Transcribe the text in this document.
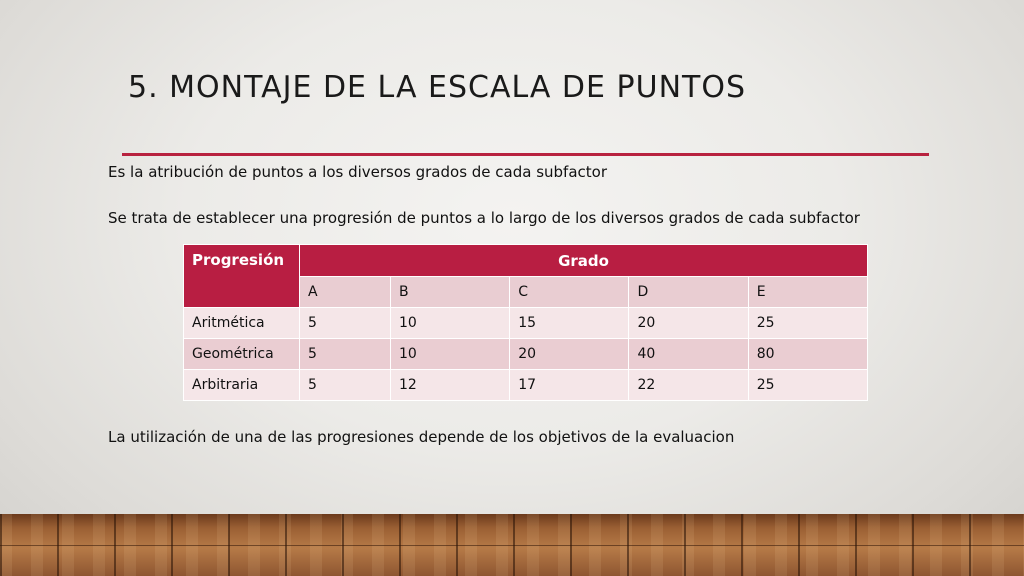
5. MONTAJE DE LA ESCALA DE PUNTOS

Es la atribución de puntos a los diversos grados de cada subfactor

Se trata de establecer una progresión de puntos a lo largo de los diversos grados de cada subfactor

Progresión	Grado				
	A	B	C	D	E
Aritmética	5	10	15	20	25
Geométrica	5	10	20	40	80
Arbitraria	5	12	17	22	25

La utilización de una de las progresiones depende de los objetivos de la evaluacion
